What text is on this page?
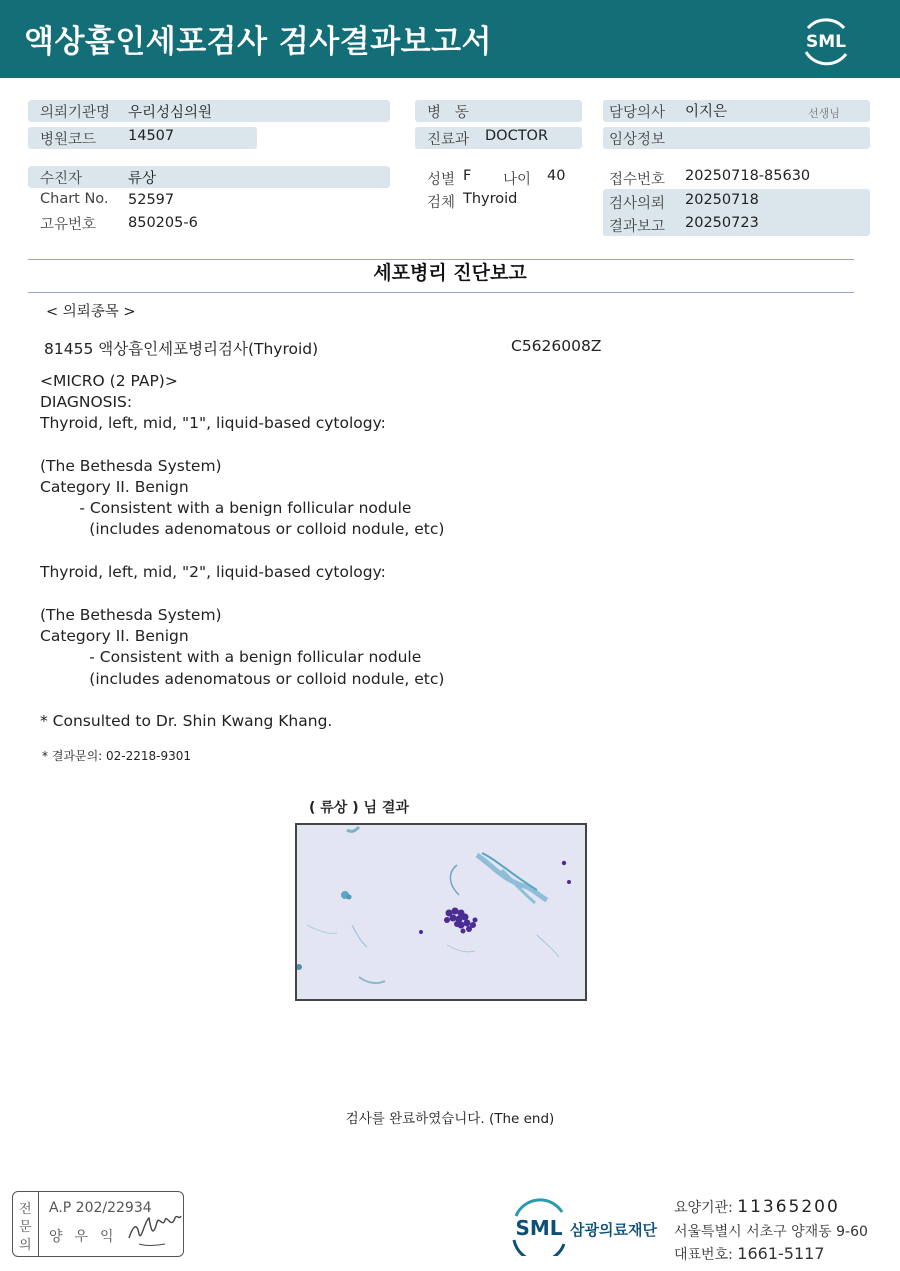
액상흡인세포검사 검사결과보고서	SML
의뢰기관명 우리성심의원
병원코드 14507
수진자	류상
Chart No. 52597
고유번호 850205-6
병   동
진료과 DOCTOR
성별 F 나이 40
검체 Thyroid
담당의사 이지은	선생님
임상정보
접수번호 20250718-85630
검사의뢰 20250718
결과보고 20250723
세포병리 진단보고
< 의뢰종목 >
81455 액상흡인세포병리검사(Thyroid)	C5626008Z
<MICRO (2 PAP)>
DIAGNOSIS:
Thyroid, left, mid, "1", liquid-based cytology:
(The Bethesda System)
Category II. Benign
- Consistent with a benign follicular nodule
(includes adenomatous or colloid nodule, etc)
Thyroid, left, mid, "2", liquid-based cytology:
(The Bethesda System)
Category II. Benign
- Consistent with a benign follicular nodule
(includes adenomatous or colloid nodule, etc)
* Consulted to Dr. Shin Kwang Khang.
* 결과문의: 02-2218-9301
( 류상 ) 님 결과
검사를 완료하였습니다. (The end)
전
문
의
A.P 202/22934
양우익	SML 삼광의료재단
요양기관: 11365200
서울특별시 서초구 양재동 9-60
대표번호: 1661-5117
